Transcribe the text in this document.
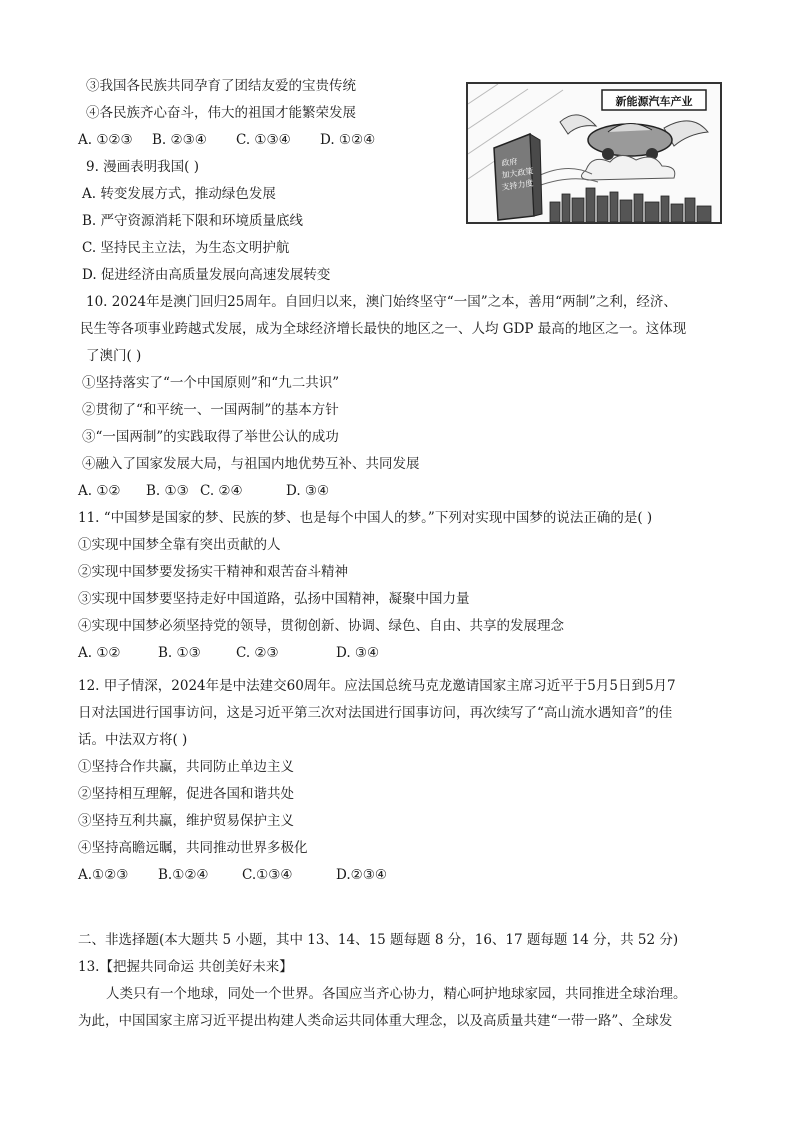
③我国各民族共同孕育了团结友爱的宝贵传统
④各民族齐心奋斗，伟大的祖国才能繁荣发展
A. ①②③ B. ②③④ C. ①③④ D. ①②④
9. 漫画表明我国( )
A. 转变发展方式，推动绿色发展
B. 严守资源消耗下限和环境质量底线
C. 坚持民主立法，为生态文明护航
D. 促进经济由高质量发展向高速发展转变
新能源汽车产业
政府
加大政策
支持力度
10. 2024年是澳门回归25周年。自回归以来，澳门始终坚守“一国”之本，善用“两制”之利，经济、
民生等各项事业跨越式发展，成为全球经济增长最快的地区之一、人均 GDP 最高的地区之一。这体现
了澳门( )
①坚持落实了“一个中国原则”和“九二共识”
②贯彻了“和平统一、一国两制”的基本方针
③“一国两制”的实践取得了举世公认的成功
④融入了国家发展大局，与祖国内地优势互补、共同发展
A. ①② B. ①③ C. ②④	D. ③④
11. “中国梦是国家的梦、民族的梦、也是每个中国人的梦。”下列对实现中国梦的说法正确的是( )
①实现中国梦全靠有突出贡献的人
②实现中国梦要发扬实干精神和艰苦奋斗精神
③实现中国梦要坚持走好中国道路，弘扬中国精神，凝聚中国力量
④实现中国梦必须坚持党的领导，贯彻创新、协调、绿色、自由、共享的发展理念
A. ①②	B. ①③	C. ②③	D. ③④
12. 甲子情深，2024年是中法建交60周年。应法国总统马克龙邀请国家主席习近平于5月5日到5月7
日对法国进行国事访问，这是习近平第三次对法国进行国事访问，再次续写了“高山流水遇知音”的佳
话。中法双方将( )
①坚持合作共赢，共同防止单边主义
②坚持相互理解，促进各国和谐共处
③坚持互利共赢，维护贸易保护主义
④坚持高瞻远瞩，共同推动世界多极化
A.①②③ B.①②④ C.①③④	D.②③④
二、非选择题(本大题共 5 小题，其中 13、14、15 题每题 8 分，16、17 题每题 14 分，共 52 分)
13.【把握共同命运 共创美好未来】
人类只有一个地球，同处一个世界。各国应当齐心协力，精心呵护地球家园，共同推进全球治理。
为此，中国国家主席习近平提出构建人类命运共同体重大理念，以及高质量共建“一带一路”、全球发
